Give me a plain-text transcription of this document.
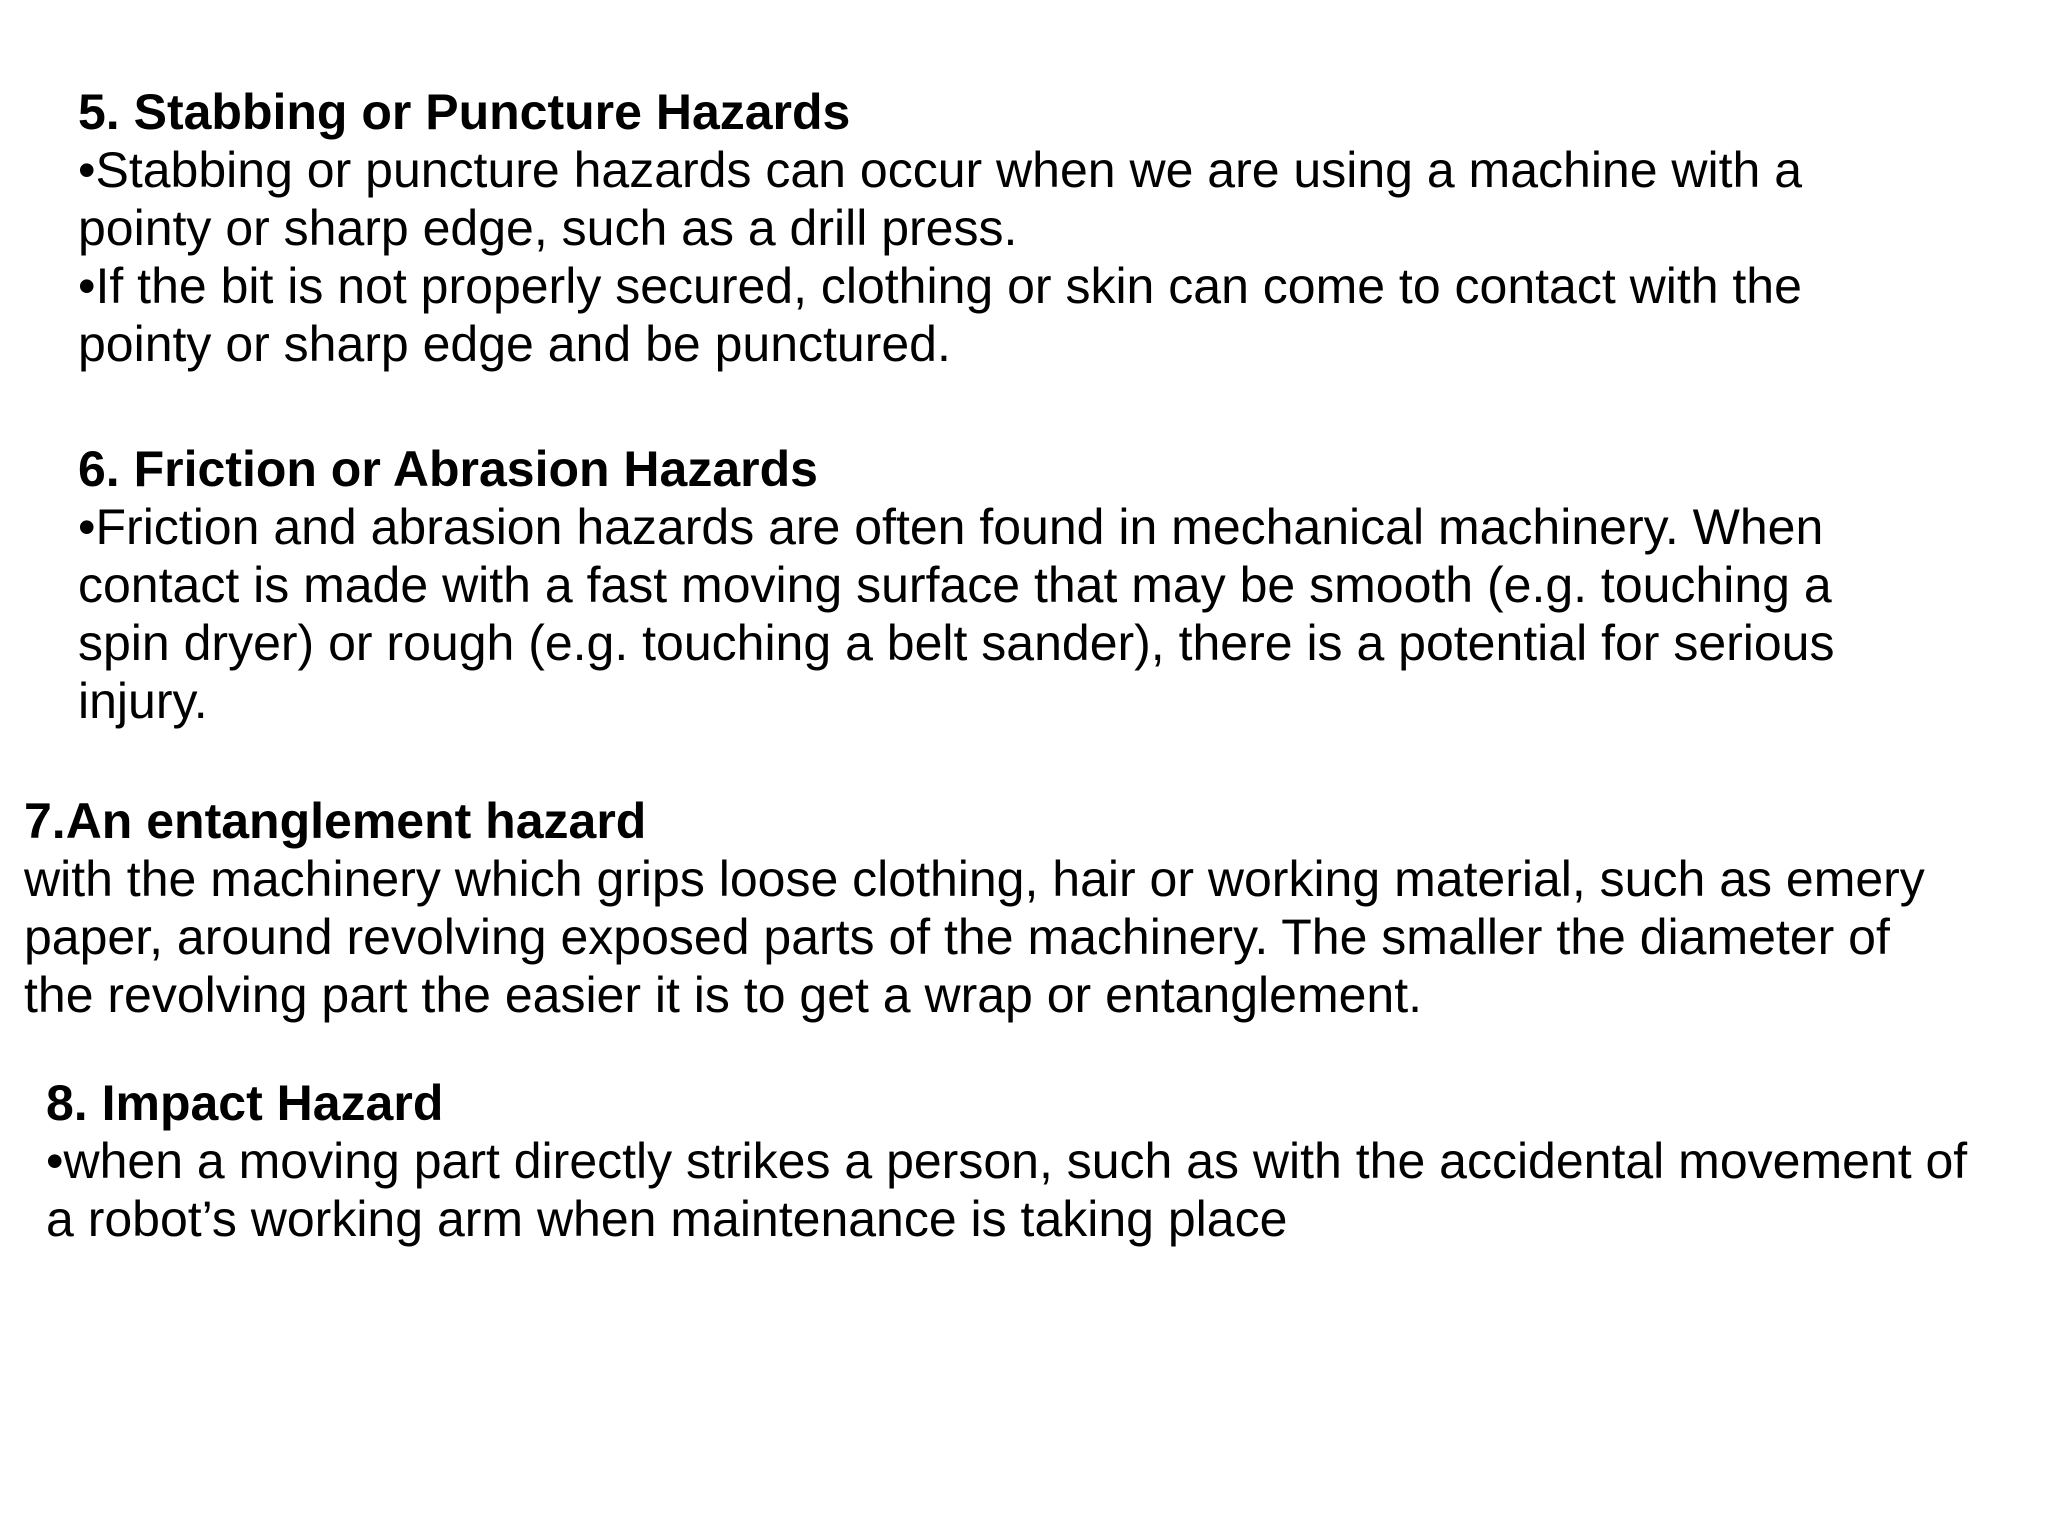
5. Stabbing or Puncture Hazards

•Stabbing or puncture hazards can occur when we are using a machine with a

pointy or sharp edge, such as a drill press.

•If the bit is not properly secured, clothing or skin can come to contact with the

pointy or sharp edge and be punctured.

6. Friction or Abrasion Hazards

•Friction and abrasion hazards are often found in mechanical machinery. When

contact is made with a fast moving surface that may be smooth (e.g. touching a

spin dryer) or rough (e.g. touching a belt sander), there is a potential for serious

injury.

7.An entanglement hazard

with the machinery which grips loose clothing, hair or working material, such as emery

paper, around revolving exposed parts of the machinery. The smaller the diameter of

the revolving part the easier it is to get a wrap or entanglement.

8. Impact Hazard

•when a moving part directly strikes a person, such as with the accidental movement of

a robot’s working arm when maintenance is taking place
